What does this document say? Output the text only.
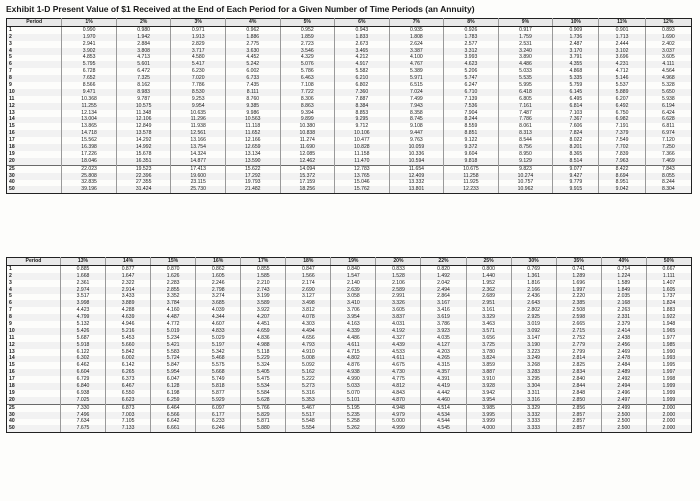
Exhibit 1-D Present Value of $1 Received at the End of Each Period for a Given Number of Time Periods (an Annuity)
Period	1%	2%	3%	4%	5%	6%	7%	8%	9%	10%	11%	12%
1	0.990	0.980	0.971	0.962	0.952	0.943	0.935	0.926	0.917	0.909	0.901	0.893
2	1.970	1.942	1.913	1.886	1.859	1.833	1.808	1.783	1.759	1.736	1.713	1.690
3	2.941	2.884	2.829	2.775	2.723	2.673	2.624	2.577	2.531	2.487	2.444	2.402
4	3.902	3.808	3.717	3.630	3.546	3.465	3.387	3.312	3.240	3.170	3.102	3.037
5	4.853	4.713	4.580	4.452	4.329	4.212	4.100	3.993	3.890	3.791	3.696	3.605
6	5.795	5.601	5.417	5.242	5.076	4.917	4.767	4.623	4.486	4.355	4.231	4.111
7	6.728	6.472	6.230	6.002	5.786	5.582	5.389	5.206	5.033	4.868	4.712	4.564
8	7.652	7.325	7.020	6.733	6.463	6.210	5.971	5.747	5.535	5.335	5.146	4.968
9	8.566	8.162	7.786	7.435	7.108	6.802	6.515	6.247	5.995	5.759	5.537	5.328
10	9.471	8.983	8.530	8.111	7.722	7.360	7.024	6.710	6.418	6.145	5.889	5.650
11	10.368	9.787	9.253	8.760	8.306	7.887	7.499	7.139	6.805	6.495	6.207	5.938
12	11.255	10.575	9.954	9.385	8.863	8.384	7.943	7.536	7.161	6.814	6.492	6.194
13	12.134	11.348	10.635	9.986	9.394	8.853	8.358	7.904	7.487	7.103	6.750	6.424
14	13.004	12.106	11.296	10.563	9.899	9.295	8.745	8.244	7.786	7.367	6.982	6.628
15	13.865	12.849	11.938	11.118	10.380	9.712	9.108	8.559	8.061	7.606	7.191	6.811
16	14.718	13.578	12.561	11.652	10.838	10.106	9.447	8.851	8.313	7.824	7.379	6.974
17	15.562	14.292	13.166	12.166	11.274	10.477	9.763	9.122	8.544	8.022	7.549	7.120
18	16.398	14.992	13.754	12.659	11.690	10.828	10.059	9.372	8.756	8.201	7.702	7.250
19	17.226	15.678	14.324	13.134	12.085	11.158	10.336	9.604	8.950	8.365	7.839	7.366
20	18.046	16.351	14.877	13.590	12.462	11.470	10.594	9.818	9.129	8.514	7.963	7.469
25	22.023	19.523	17.413	15.622	14.094	12.783	11.654	10.675	9.823	9.077	8.422	7.843
30	25.808	22.396	19.600	17.292	15.372	13.765	12.409	11.258	10.274	9.427	8.694	8.055
40	32.835	27.355	23.115	19.793	17.159	15.046	13.332	11.925	10.757	9.779	8.951	8.244
50	39.196	31.424	25.730	21.482	18.256	15.762	13.801	12.233	10.962	9.915	9.042	8.304
Period	13%	14%	15%	16%	17%	18%	19%	20%	22%	25%	30%	35%	40%	50%
1	0.885	0.877	0.870	0.862	0.855	0.847	0.840	0.833	0.820	0.800	0.769	0.741	0.714	0.667
2	1.668	1.647	1.626	1.605	1.585	1.566	1.547	1.528	1.492	1.440	1.361	1.289	1.224	1.111
3	2.361	2.322	2.283	2.246	2.210	2.174	2.140	2.106	2.042	1.952	1.816	1.696	1.589	1.407
4	2.974	2.914	2.855	2.798	2.743	2.690	2.639	2.589	2.494	2.362	2.166	1.997	1.849	1.605
5	3.517	3.433	3.352	3.274	3.199	3.127	3.058	2.991	2.864	2.689	2.436	2.220	2.035	1.737
6	3.998	3.889	3.784	3.685	3.589	3.498	3.410	3.326	3.167	2.951	2.643	2.385	2.168	1.824
7	4.423	4.288	4.160	4.039	3.922	3.812	3.706	3.605	3.416	3.161	2.802	2.508	2.263	1.883
8	4.799	4.639	4.487	4.344	4.207	4.078	3.954	3.837	3.619	3.329	2.925	2.598	2.331	1.922
9	5.132	4.946	4.772	4.607	4.451	4.303	4.163	4.031	3.786	3.463	3.019	2.665	2.379	1.948
10	5.426	5.216	5.019	4.833	4.659	4.494	4.339	4.192	3.923	3.571	3.092	2.715	2.414	1.965
11	5.687	5.453	5.234	5.029	4.836	4.656	4.486	4.327	4.035	3.656	3.147	2.752	2.438	1.977
12	5.918	5.660	5.421	5.197	4.988	4.793	4.611	4.439	4.127	3.725	3.190	2.779	2.456	1.985
13	6.122	5.842	5.583	5.342	5.118	4.910	4.715	4.533	4.203	3.780	3.223	2.799	2.469	1.990
14	6.302	6.002	5.724	5.468	5.229	5.008	4.802	4.611	4.265	3.824	3.249	2.814	2.478	1.993
15	6.462	6.142	5.847	5.575	5.324	5.092	4.876	4.675	4.315	3.859	3.268	2.825	2.484	1.995
16	6.604	6.265	5.954	5.668	5.405	5.162	4.938	4.730	4.357	3.887	3.283	2.834	2.489	1.997
17	6.729	6.373	6.047	5.749	5.475	5.222	4.990	4.775	4.391	3.910	3.295	2.840	2.492	1.998
18	6.840	6.467	6.128	5.818	5.534	5.273	5.033	4.812	4.419	3.928	3.304	2.844	2.494	1.999
19	6.938	6.550	6.198	5.877	5.584	5.316	5.070	4.843	4.442	3.942	3.311	2.848	2.496	1.999
20	7.025	6.623	6.259	5.929	5.628	5.353	5.101	4.870	4.460	3.954	3.316	2.850	2.497	1.999
25	7.330	6.873	6.464	6.097	5.766	5.467	5.195	4.948	4.514	3.985	3.329	2.856	2.499	2.000
30	7.496	7.003	6.566	6.177	5.829	5.517	5.235	4.979	4.534	3.995	3.332	2.857	2.500	2.000
40	7.634	7.105	6.642	6.233	5.871	5.548	5.258	5.000	4.544	3.999	3.333	2.857	2.500	2.000
50	7.675	7.133	6.661	6.246	5.880	5.554	5.262	4.999	4.545	4.000	3.333	2.857	2.500	2.000
